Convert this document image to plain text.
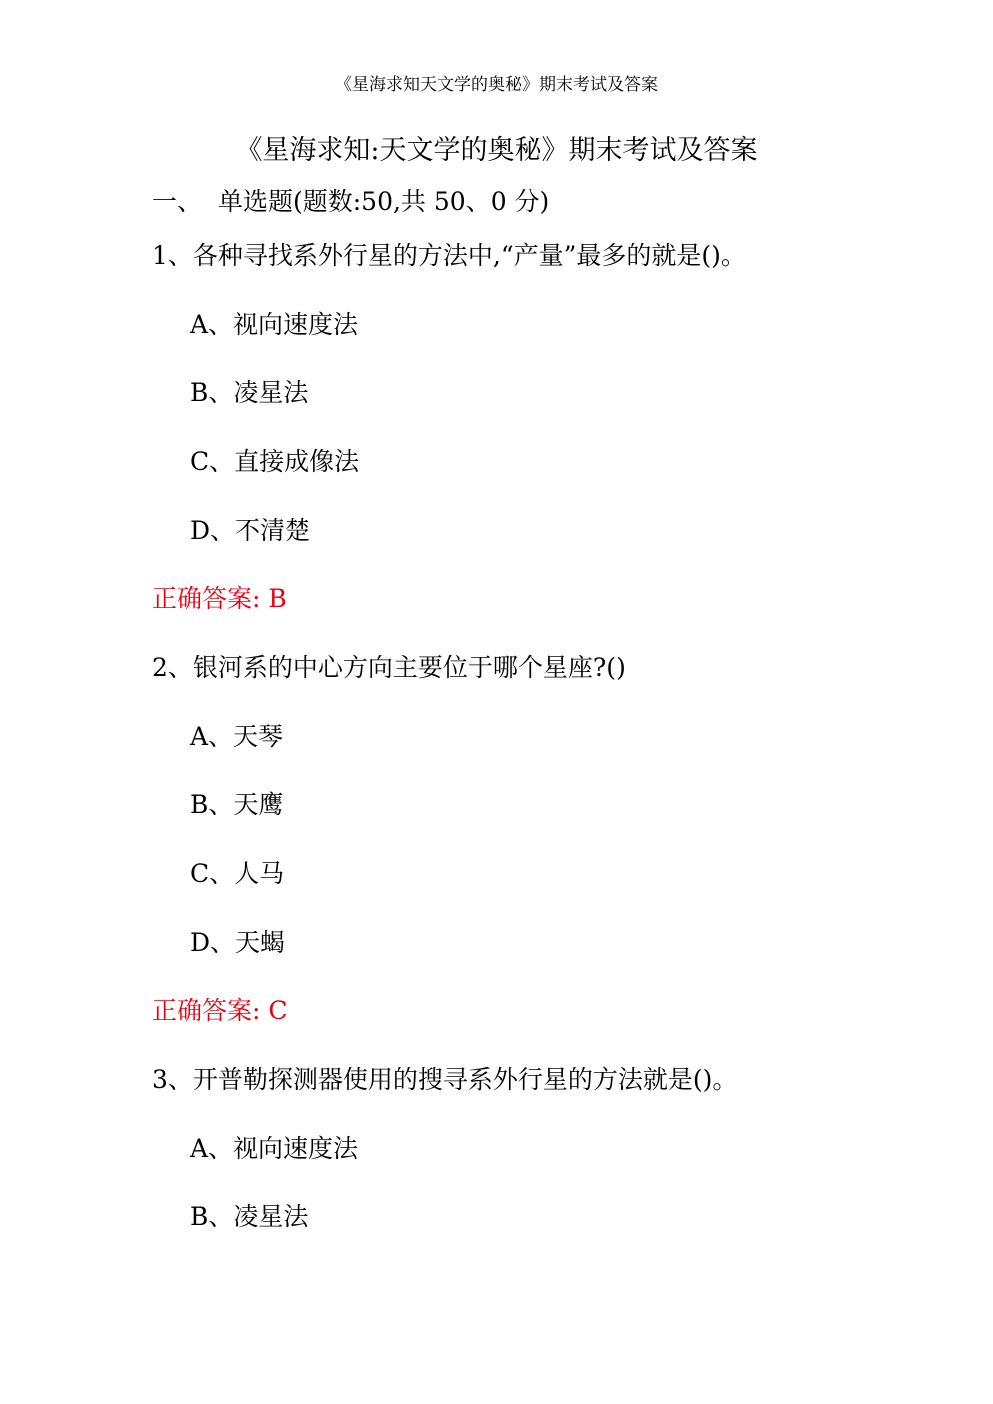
《星海求知天文学的奥秘》期末考试及答案
《星海求知:天文学的奥秘》期末考试及答案
一、 单选题(题数:50,共 50、0 分)
1、各种寻找系外行星的方法中,“产量”最多的就是()。
A、视向速度法
B、凌星法
C、直接成像法
D、不清楚
正确答案: B
2、银河系的中心方向主要位于哪个星座?()
A、天琴
B、天鹰
C、人马
D、天蝎
正确答案: C
3、开普勒探测器使用的搜寻系外行星的方法就是()。
A、视向速度法
B、凌星法
